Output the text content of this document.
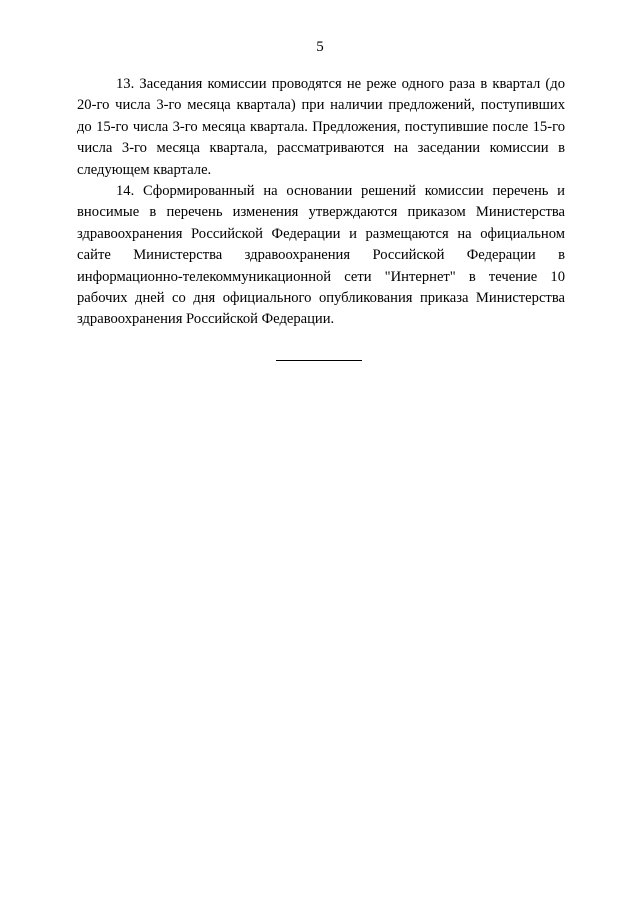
5

13. Заседания комиссии проводятся не реже одного раза в квартал (до 20-го числа 3-го месяца квартала) при наличии предложений, поступивших до 15-го числа 3-го месяца квартала. Предложения, поступившие после 15-го числа 3-го месяца квартала, рассматриваются на заседании комиссии в следующем квартале.

14. Сформированный на основании решений комиссии перечень и вносимые в перечень изменения утверждаются приказом Министерства здравоохранения Российской Федерации и размещаются на официальном сайте Министерства здравоохранения Российской Федерации в информационно-телекоммуникационной сети "Интернет" в течение 10 рабочих дней со дня официального опубликования приказа Министерства здравоохранения Российской Федерации.
